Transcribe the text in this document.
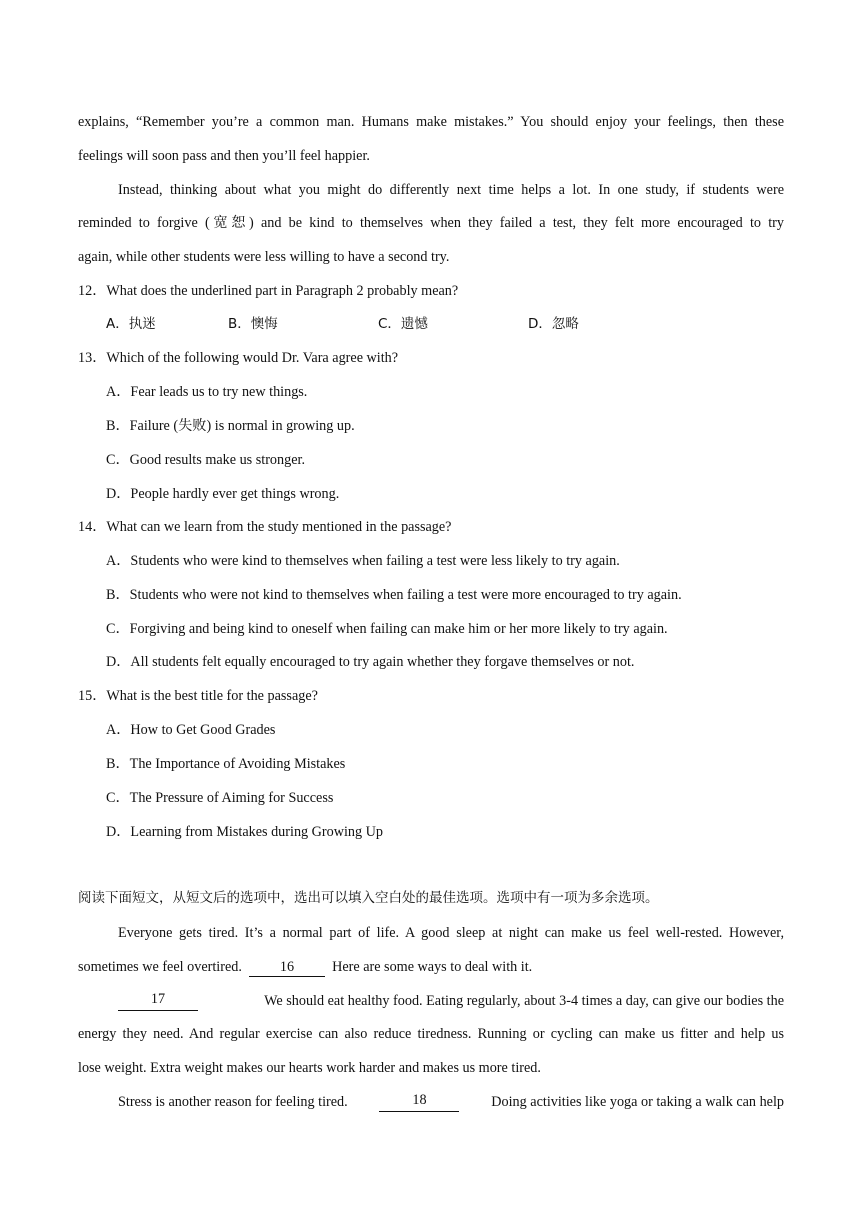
explains, “Remember you’re a common man. Humans make mistakes.” You should enjoy your feelings, then these
feelings will soon pass and then you’ll feel happier.
Instead, thinking about what you might do differently next time helps a lot. In one study, if students were
reminded to forgive (宽恕) and be kind to themselves when they failed a test, they felt more encouraged to try
again, while other students were less willing to have a second try.
12．What does the underlined part in Paragraph 2 probably mean?
A．执迷	B．懊悔	C．遗憾	D．忽略
13．Which of the following would Dr. Vara agree with?
A．Fear leads us to try new things.
B．Failure (失败) is normal in growing up.
C．Good results make us stronger.
D．People hardly ever get things wrong.
14．What can we learn from the study mentioned in the passage?
A．Students who were kind to themselves when failing a test were less likely to try again.
B．Students who were not kind to themselves when failing a test were more encouraged to try again.
C．Forgiving and being kind to oneself when failing can make him or her more likely to try again.
D．All students felt equally encouraged to try again whether they forgave themselves or not.
15．What is the best title for the passage?
A．How to Get Good Grades
B．The Importance of Avoiding Mistakes
C．The Pressure of Aiming for Success
D．Learning from Mistakes during Growing Up
阅读下面短文，从短文后的选项中，选出可以填入空白处的最佳选项。选项中有一项为多余选项。
Everyone gets tired. It’s a normal part of life. A good sleep at night can make us feel well-rested. However,
sometimes we feel overtired.	16	Here are some ways to deal with it.
17	We should eat healthy food. Eating regularly, about 3-4 times a day, can give our bodies the
energy they need. And regular exercise can also reduce tiredness. Running or cycling can make us fitter and help us
lose weight. Extra weight makes our hearts work harder and makes us more tired.
Stress is another reason for feeling tired.	18	Doing activities like yoga or taking a walk can help
